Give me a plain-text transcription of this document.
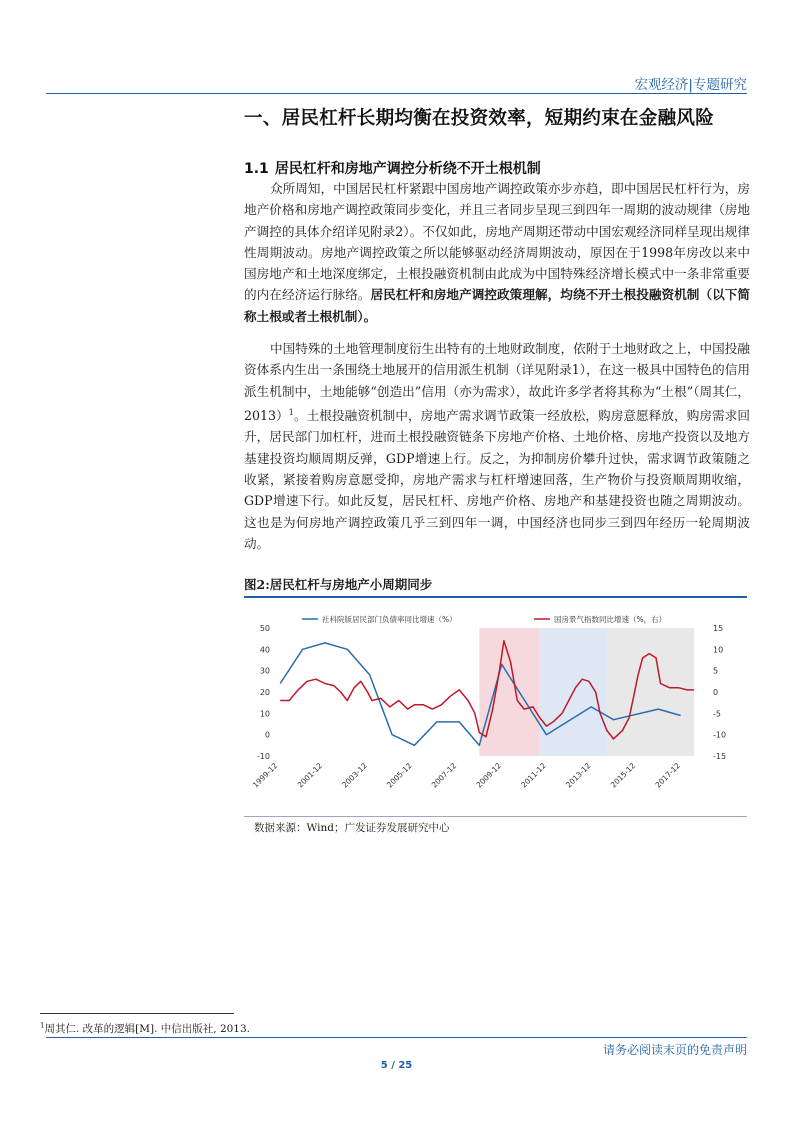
宏观经济|专题研究
一、居民杠杆长期均衡在投资效率，短期约束在金融风险
1.1 居民杠杆和房地产调控分析绕不开土根机制
众所周知，中国居民杠杆紧跟中国房地产调控政策亦步亦趋，即中国居民杠杆行为，房地产价格和房地产调控政策同步变化，并且三者同步呈现三到四年一周期的波动规律（房地产调控的具体介绍详见附录2）。不仅如此，房地产周期还带动中国宏观经济同样呈现出规律性周期波动。房地产调控政策之所以能够驱动经济周期波动，原因在于1998年房改以来中国房地产和土地深度绑定，土根投融资机制由此成为中国特殊经济增长模式中一条非常重要的内在经济运行脉络。居民杠杆和房地产调控政策理解，均绕不开土根投融资机制（以下简称土根或者土根机制）。
中国特殊的土地管理制度衍生出特有的土地财政制度，依附于土地财政之上，中国投融资体系内生出一条围绕土地展开的信用派生机制（详见附录1），在这一极具中国特色的信用派生机制中，土地能够“创造出”信用（亦为需求），故此许多学者将其称为“土根”（周其仁，2013）$^1$。土根投融资机制中，房地产需求调节政策一经放松，购房意愿释放，购房需求回升，居民部门加杠杆，进而土根投融资链条下房地产价格、土地价格、房地产投资以及地方基建投资均顺周期反弹，GDP增速上行。反之，为抑制房价攀升过快，需求调节政策随之收紧，紧接着购房意愿受抑，房地产需求与杠杆增速回落，生产物价与投资顺周期收缩，GDP增速下行。如此反复，居民杠杆、房地产价格、房地产和基建投资也随之周期波动。这也是为何房地产调控政策几乎三到四年一调，中国经济也同步三到四年经历一轮周期波动。
图2:居民杠杆与房地产小周期同步
50
40
30
20
10
0
-10
15
10
5
0
-5
-10
-15
1999-12 2001-12 2003-12 2005-12 2007-12 2009-12 2011-12 2013-12 2015-12 2017-12
社科院版居民部门负债率同比增速（%）	国房景气指数同比增速（%，右）
数据来源：Wind；广发证券发展研究中心
$^1$周其仁. 改革的逻辑[M]. 中信出版社, 2013.
请务必阅读末页的免责声明
5 / 25
